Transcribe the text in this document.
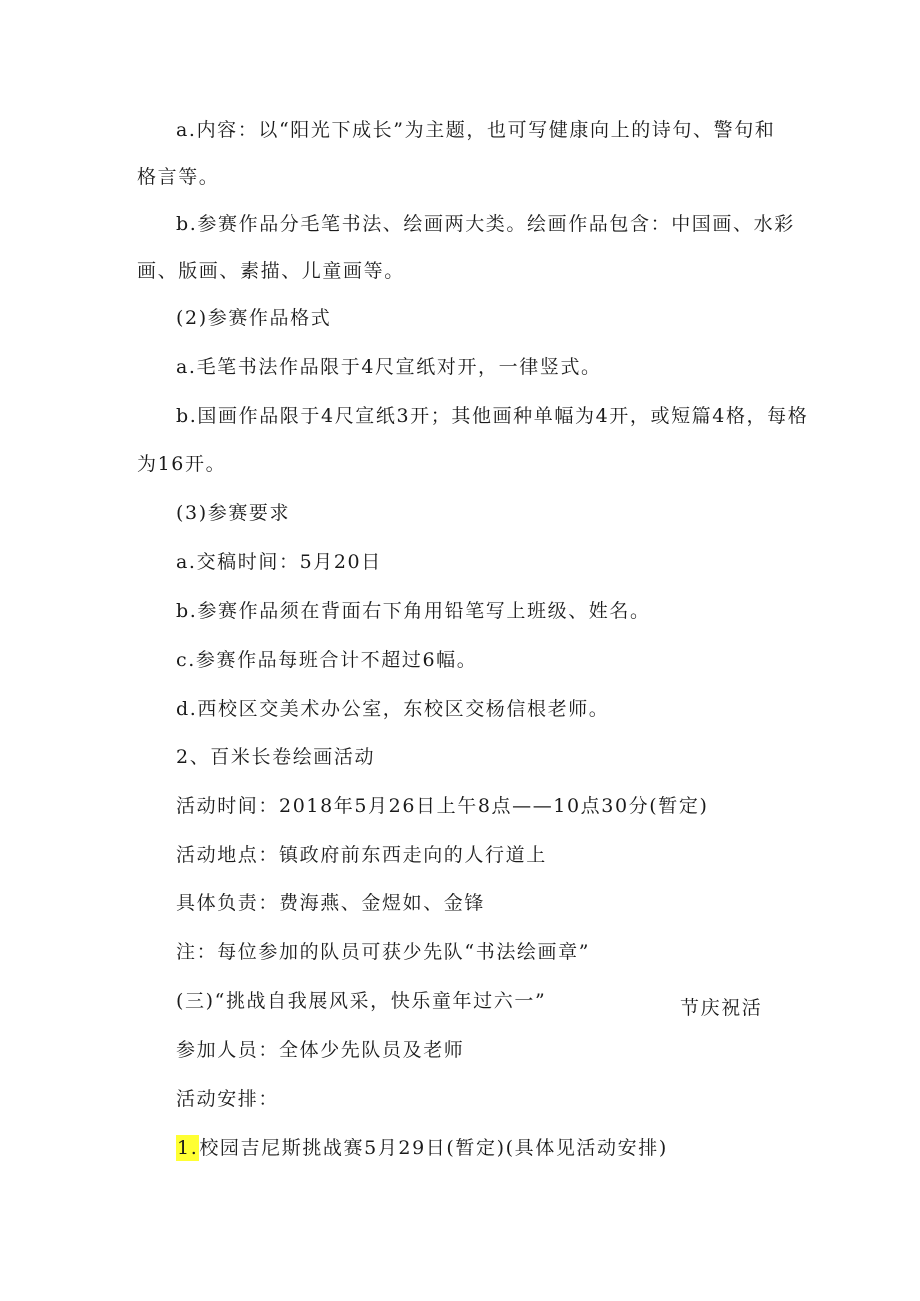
a.内容：以“阳光下成长”为主题，也可写健康向上的诗句、警句和
格言等。
b.参赛作品分毛笔书法、绘画两大类。绘画作品包含：中国画、水彩
画、版画、素描、儿童画等。
(2)参赛作品格式
a.毛笔书法作品限于4尺宣纸对开，一律竖式。
b.国画作品限于4尺宣纸3开；其他画种单幅为4开，或短篇4格，每格
为16开。
(3)参赛要求
a.交稿时间：5月20日
b.参赛作品须在背面右下角用铅笔写上班级、姓名。
c.参赛作品每班合计不超过6幅。
d.西校区交美术办公室，东校区交杨信根老师。
2、百米长卷绘画活动
活动时间：2018年5月26日上午8点——10点30分(暂定)
活动地点：镇政府前东西走向的人行道上
具体负责：费海燕、金煜如、金锋
注：每位参加的队员可获少先队“书法绘画章”
(三)“挑战自我展风采，快乐童年过六一”	节庆祝活
参加人员：全体少先队员及老师
活动安排：
1.校园吉尼斯挑战赛5月29日(暂定)(具体见活动安排)
